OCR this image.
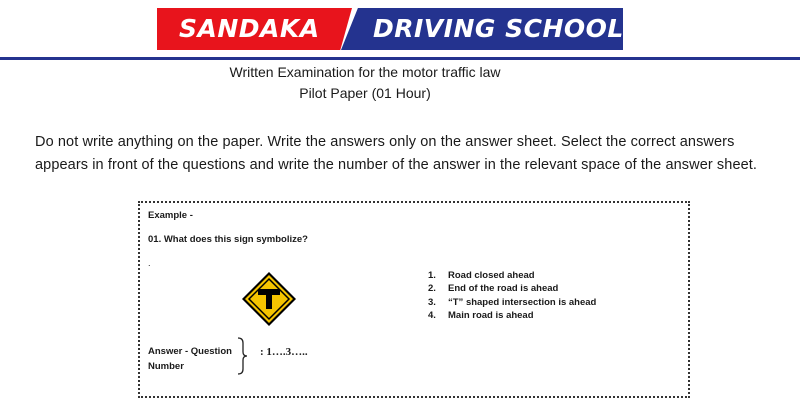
SANDAKA DRIVING SCHOOL
Written Examination for the motor traffic law
Pilot Paper (01 Hour)
Do not write anything on the paper. Write the answers only on the answer sheet. Select the correct answers appears in front of the questions and write the number of the answer in the relevant space of the answer sheet.
Example -
01. What does this sign symbolize?
.
1. Road closed ahead
2. End of the road is ahead
3. “T” shaped intersection is ahead
4. Main road is ahead
Answer - Question
Number
: 1….3…..
